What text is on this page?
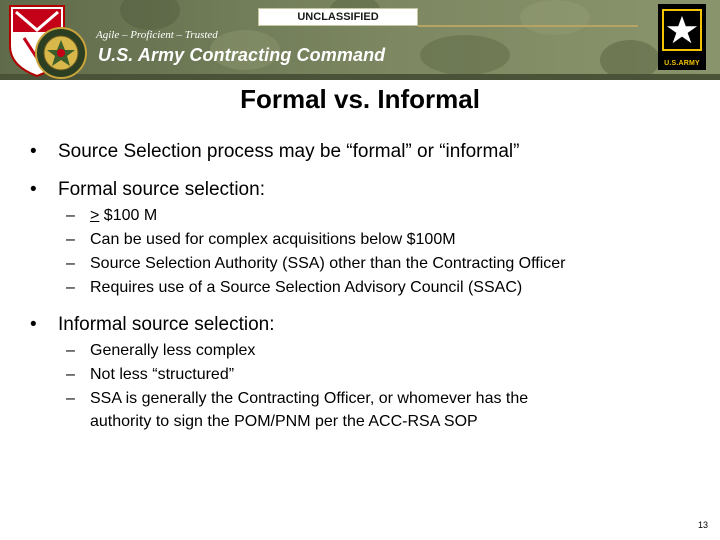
Agile – Proficient – Trusted
U.S. Army Contracting Command
UNCLASSIFIED
U.S.ARMY
Formal vs. Informal
• Source Selection process may be “formal” or “informal”
• Formal source selection:
– ≥ $100 M
– Can be used for complex acquisitions below $100M
– Source Selection Authority (SSA) other than the Contracting Officer
– Requires use of a Source Selection Advisory Council (SSAC)
• Informal source selection:
– Generally less complex
– Not less “structured”
– SSA is generally the Contracting Officer, or whomever has the
authority to sign the POM/PNM per the ACC-RSA SOP
13
